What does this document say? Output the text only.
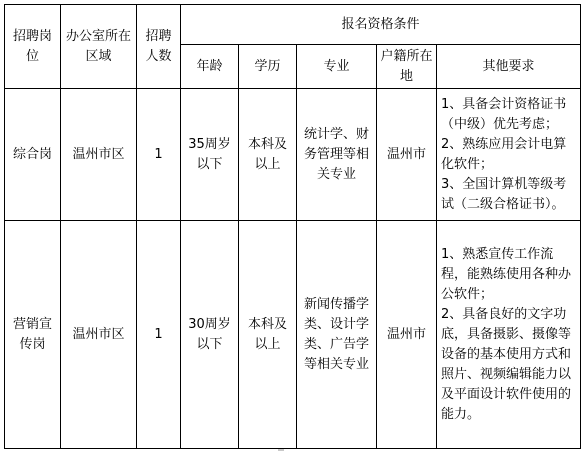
招聘岗位	办公室所在区域	招聘人数	报名资格条件				
			年龄	学历	专业	户籍所在地	其他要求
综合岗	温州市区	1	35周岁以下	本科及以上	统计学、财务管理等相关专业	温州市	1、具备会计资格证书（中级）优先考虑；
2、熟练应用会计电算化软件；
3、全国计算机等级考试（二级合格证书）。

营销宣传岗	温州市区	1	30周岁以下	本科及以上	新闻传播学类、设计学类、广告学等相关专业	温州市	1、熟悉宣传工作流程，能熟练使用各种办公软件；
2、具备良好的文字功底，具备摄影、摄像等设备的基本使用方式和照片、视频编辑能力以及平面设计软件使用的能力。
